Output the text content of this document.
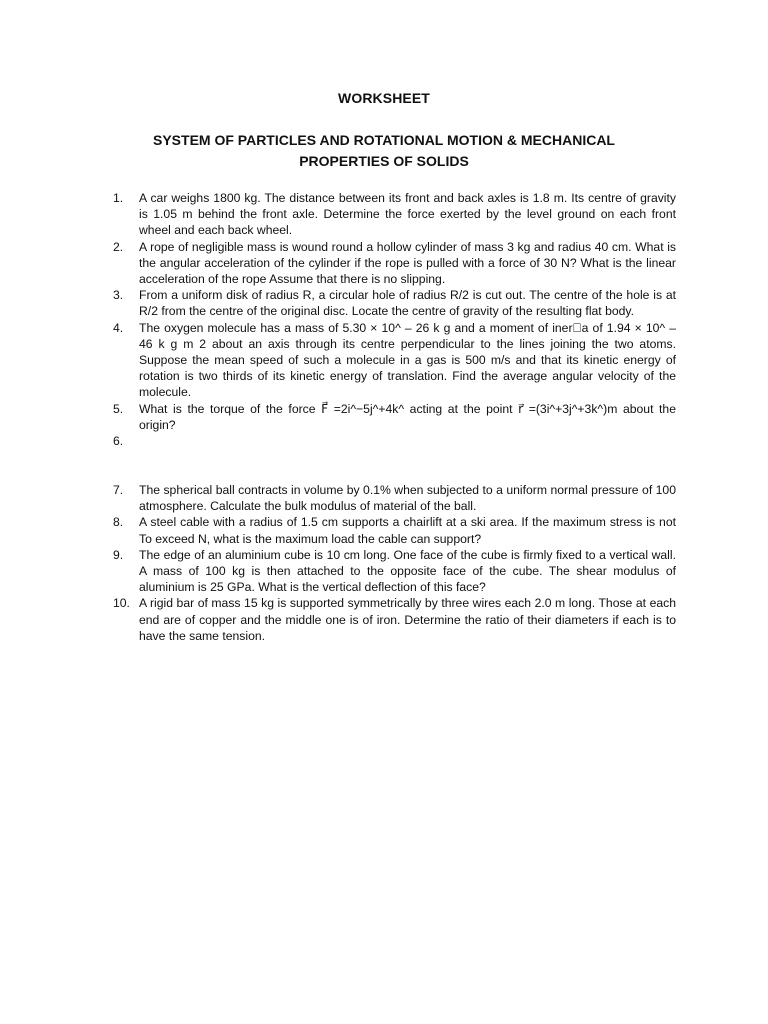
WORKSHEET
SYSTEM OF PARTICLES AND ROTATIONAL MOTION & MECHANICAL PROPERTIES OF SOLIDS
1.	A car weighs 1800 kg. The distance between its front and back axles is 1.8 m. Its centre of gravity is 1.05 m behind the front axle. Determine the force exerted by the level ground on each front wheel and each back wheel.
2.	A rope of negligible mass is wound round a hollow cylinder of mass 3 kg and radius 40 cm. What is the angular acceleration of the cylinder if the rope is pulled with a force of 30 N? What is the linear acceleration of the rope Assume that there is no slipping.
3.	From a uniform disk of radius R, a circular hole of radius R/2 is cut out. The centre of the hole is at R/2 from the centre of the original disc. Locate the centre of gravity of the resulting flat body.
4.	The oxygen molecule has a mass of 5.30 × 10^ – 26 k g and a moment of iner a of 1.94 × 10^ – 46 k g m 2 about an axis through its centre perpendicular to the lines joining the two atoms. Suppose the mean speed of such a molecule in a gas is 500 m/s and that its kinetic energy of rotation is two thirds of its kinetic energy of translation. Find the average angular velocity of the molecule.
5.	What is the torque of the force F⃗ =2i^−5j^+4k^ acting at the point r⃗ =(3i^+3j^+3k^)m about the origin?
6.
7.	The spherical ball contracts in volume by 0.1% when subjected to a uniform normal pressure of 100 atmosphere. Calculate the bulk modulus of material of the ball.
8.	A steel cable with a radius of 1.5 cm supports a chairlift at a ski area. If the maximum stress is not To exceed N, what is the maximum load the cable can support?
9.	The edge of an aluminium cube is 10 cm long. One face of the cube is firmly fixed to a vertical wall. A mass of 100 kg is then attached to the opposite face of the cube. The shear modulus of aluminium is 25 GPa. What is the vertical deflection of this face?
10. A rigid bar of mass 15 kg is supported symmetrically by three wires each 2.0 m long. Those at each end are of copper and the middle one is of iron. Determine the ratio of their diameters if each is to have the same tension.
